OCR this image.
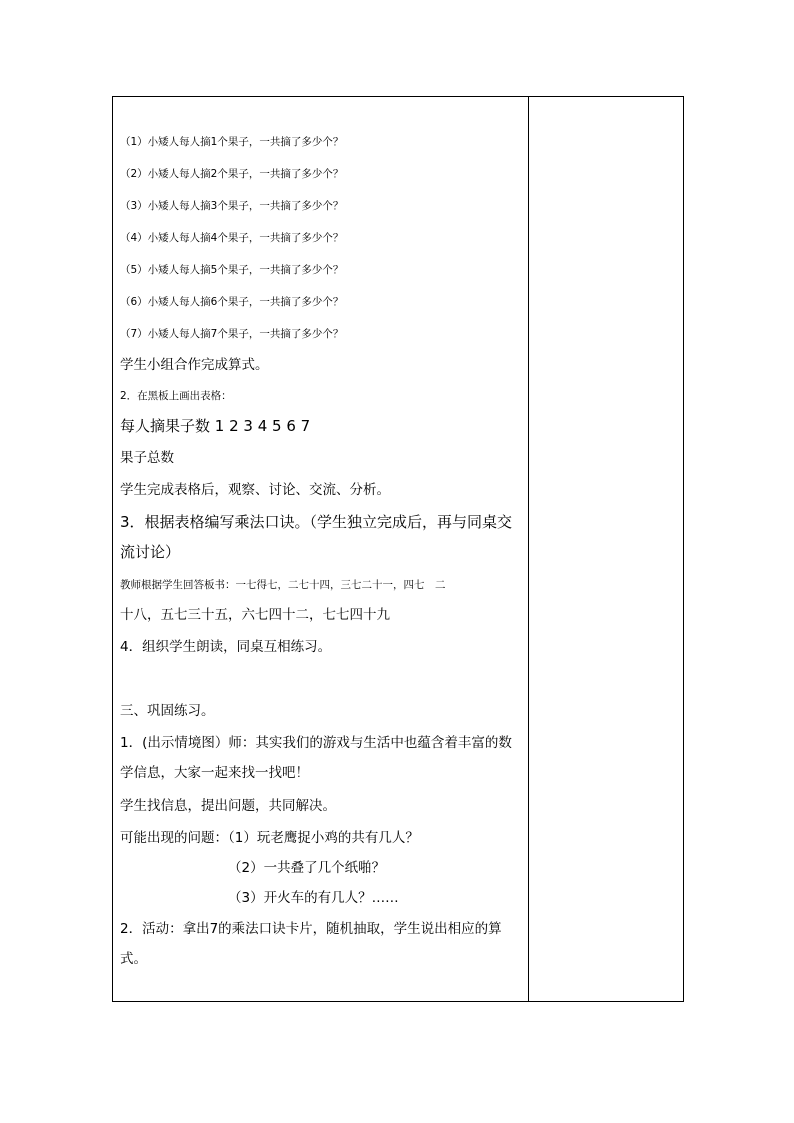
（1）小矮人每人摘1个果子，一共摘了多少个？
（2）小矮人每人摘2个果子，一共摘了多少个？
（3）小矮人每人摘3个果子，一共摘了多少个？
（4）小矮人每人摘4个果子，一共摘了多少个？
（5）小矮人每人摘5个果子，一共摘了多少个？
（6）小矮人每人摘6个果子，一共摘了多少个？
（7）小矮人每人摘7个果子，一共摘了多少个？
学生小组合作完成算式。
2．在黑板上画出表格：
每人摘果子数 1 2 3 4 5 6 7
果子总数
学生完成表格后，观察、讨论、交流、分析。
3．根据表格编写乘法口诀。（学生独立完成后，再与同桌交流讨论）
教师根据学生回答板书：一七得七，二七十四，三七二十一，四七　二
十八，五七三十五，六七四十二，七七四十九
4．组织学生朗读，同桌互相练习。
三、巩固练习。
1．(出示情境图）师：其实我们的游戏与生活中也蕴含着丰富的数学信息，大家一起来找一找吧！
学生找信息，提出问题，共同解决。
可能出现的问题：（1）玩老鹰捉小鸡的共有几人？
（2）一共叠了几个纸啪？
（3）开火车的有几人？……
2．活动：拿出7的乘法口诀卡片，随机抽取，学生说出相应的算式。
